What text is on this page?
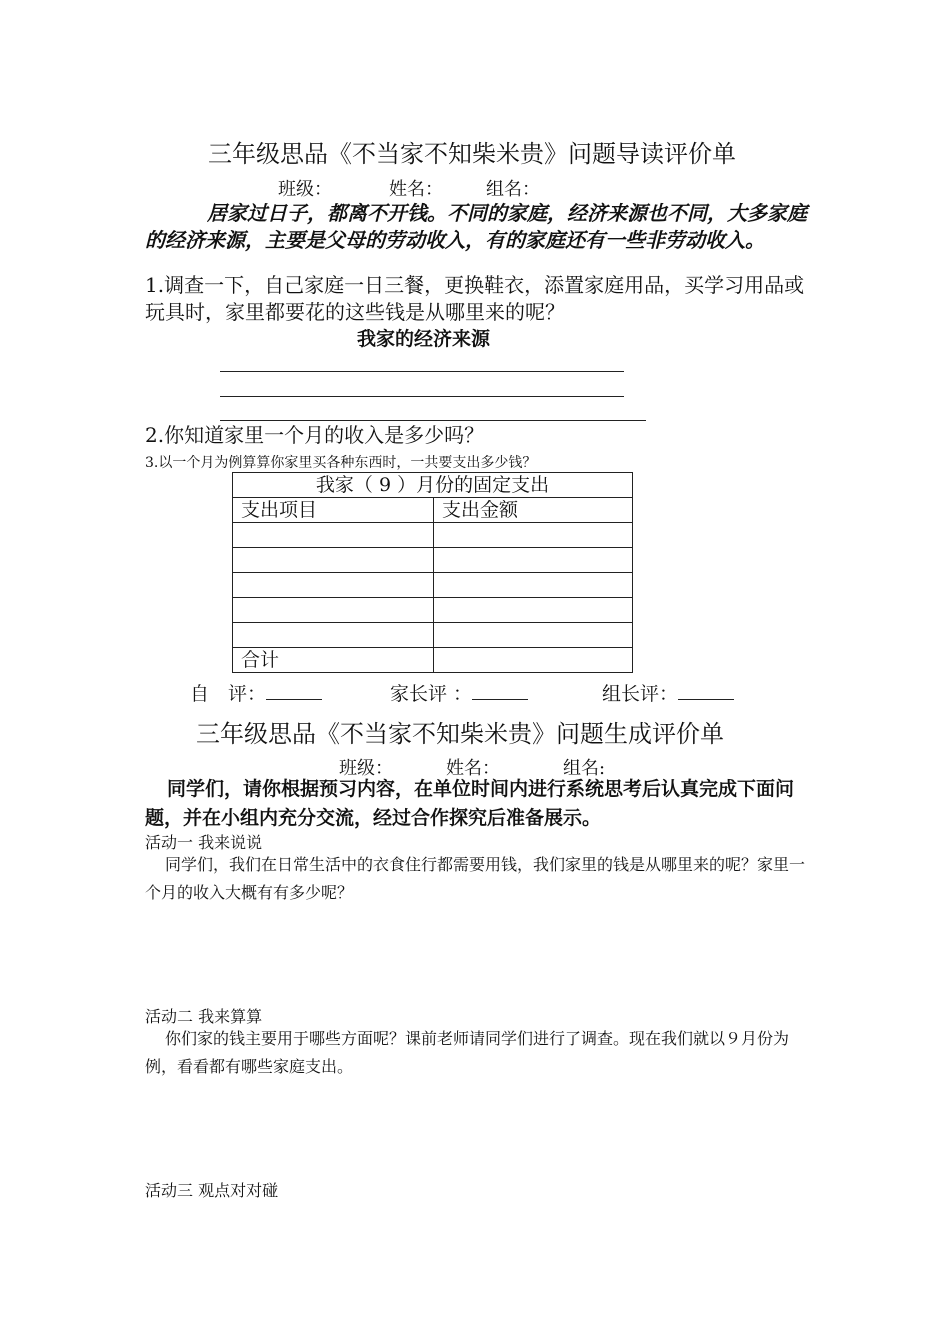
三年级思品《不当家不知柴米贵》问题导读评价单
班级：	姓名： 组名：
居家过日子，都离不开钱。不同的家庭，经济来源也不同，大多家庭的经济来源，主要是父母的劳动收入，有的家庭还有一些非劳动收入。
1.调查一下，自己家庭一日三餐，更换鞋衣，添置家庭用品，买学习用品或玩具时，家里都要花的这些钱是从哪里来的呢？
我家的经济来源
2.你知道家里一个月的收入是多少吗？
3.以一个月为例算算你家里买各种东西时，一共要支出多少钱？
我家（ 9 ）月份的固定支出	
支出项目	支出金额

合计	
自　评：	家长评 ：	组长评：
三年级思品《不当家不知柴米贵》问题生成评价单
班级：	姓名：	组名:
同学们，请你根据预习内容，在单位时间内进行系统思考后认真完成下面问题，并在小组内充分交流，经过合作探究后准备展示。
活动一 我来说说
同学们，我们在日常生活中的衣食住行都需要用钱，我们家里的钱是从哪里来的呢？家里一个月的收入大概有有多少呢？
活动二 我来算算
你们家的钱主要用于哪些方面呢？课前老师请同学们进行了调查。现在我们就以９月份为例，看看都有哪些家庭支出。
活动三 观点对对碰
